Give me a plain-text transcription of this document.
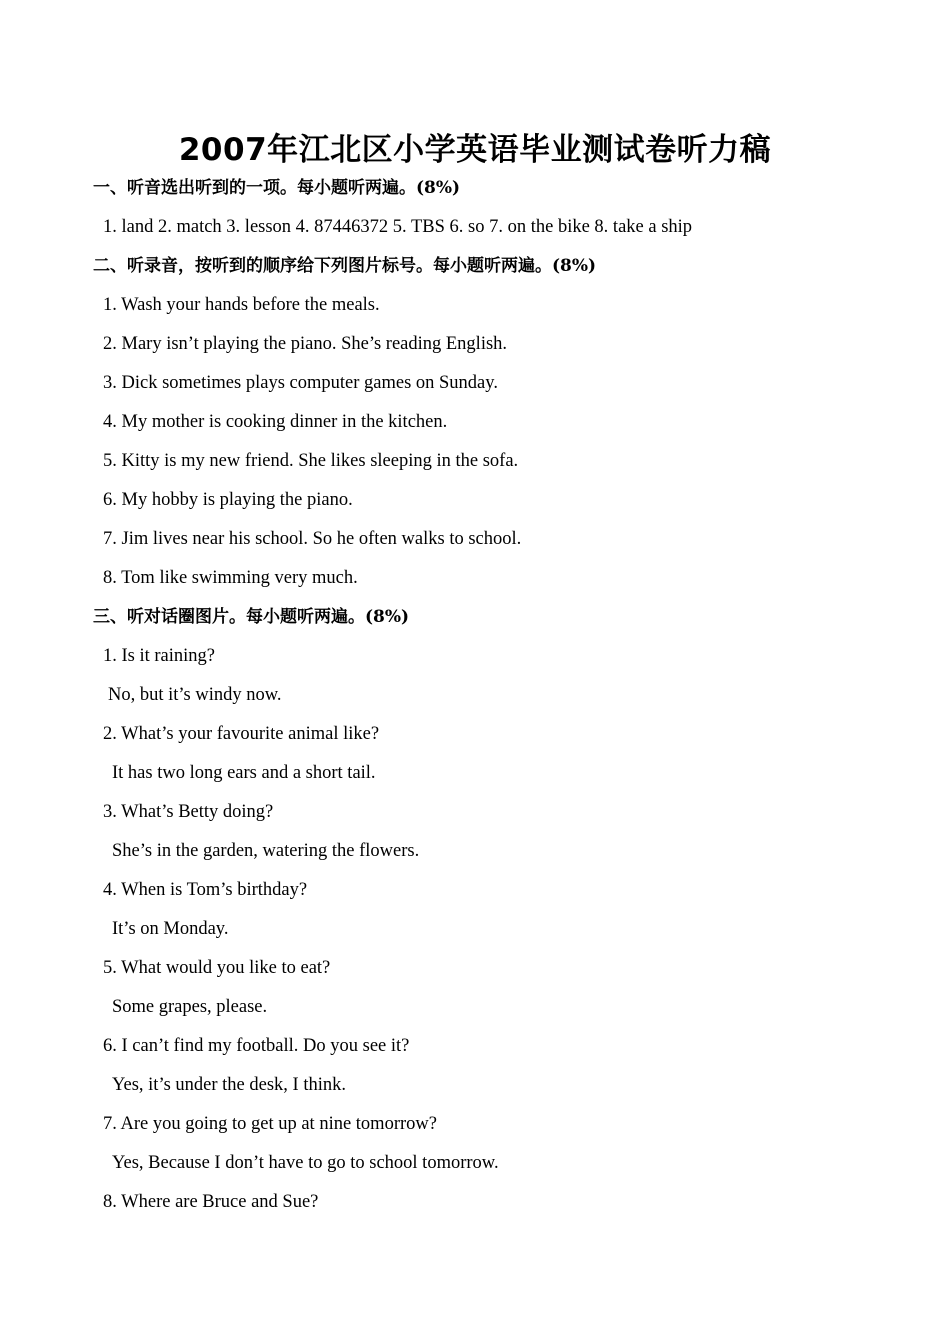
2007年江北区小学英语毕业测试卷听力稿
一、听音选出听到的一项。每小题听两遍。(8%)
1. land 2. match 3. lesson 4. 87446372 5. TBS 6. so 7. on the bike 8. take a ship
二、听录音，按听到的顺序给下列图片标号。每小题听两遍。(8%)
1. Wash your hands before the meals.
2. Mary isn’t playing the piano. She’s reading English.
3. Dick sometimes plays computer games on Sunday.
4. My mother is cooking dinner in the kitchen.
5. Kitty is my new friend. She likes sleeping in the sofa.
6. My hobby is playing the piano.
7. Jim lives near his school. So he often walks to school.
8. Tom like swimming very much.
三、听对话圈图片。每小题听两遍。(8%)
1. Is it raining?
No, but it’s windy now.
2. What’s your favourite animal like?
It has two long ears and a short tail.
3. What’s Betty doing?
She’s in the garden, watering the flowers.
4. When is Tom’s birthday?
It’s on Monday.
5. What would you like to eat?
Some grapes, please.
6. I can’t find my football. Do you see it?
Yes, it’s under the desk, I think.
7. Are you going to get up at nine tomorrow?
Yes, Because I don’t have to go to school tomorrow.
8. Where are Bruce and Sue?
